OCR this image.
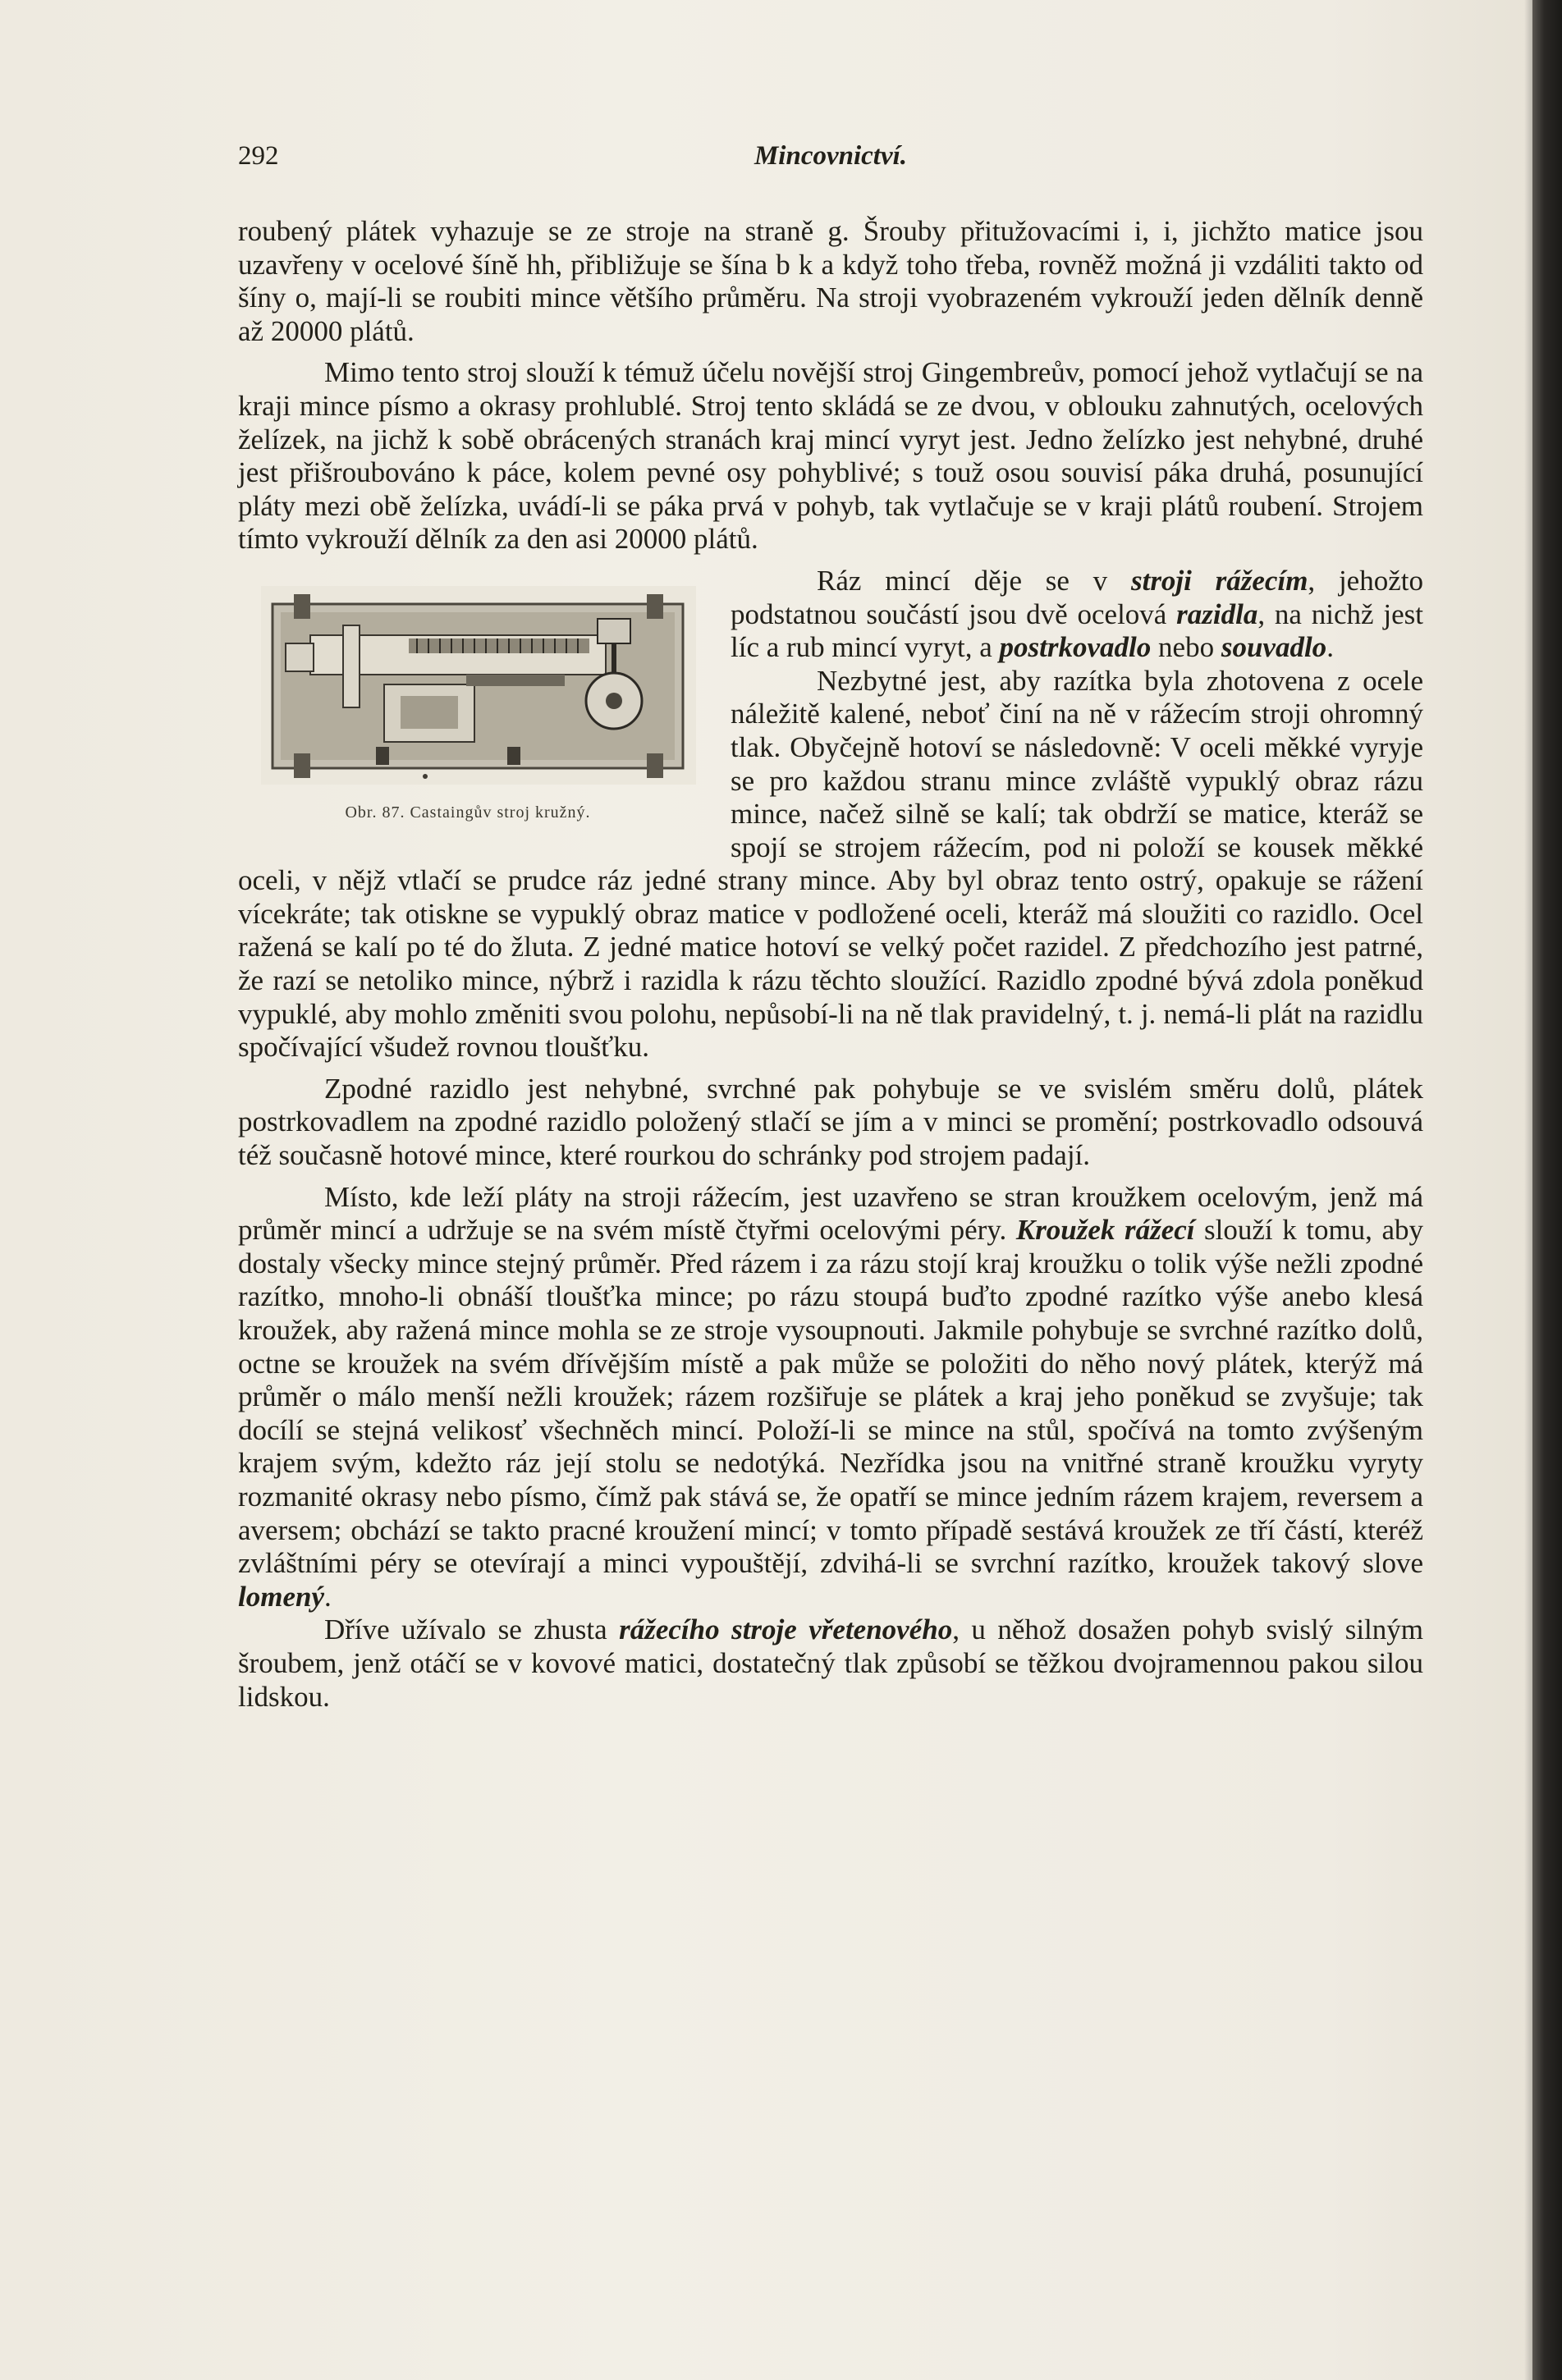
292	Mincovnictví.

roubený plátek vyhazuje se ze stroje na straně g. Šrouby přitužovacími i, i, jichžto matice jsou uzavřeny v ocelové šíně hh, přibližuje se šína b k a když toho třeba, rovněž možná ji vzdáliti takto od šíny o, mají-li se roubiti mince většího průměru. Na stroji vyobrazeném vykrouží jeden dělník denně až 20000 plátů.

Mimo tento stroj slouží k témuž účelu novější stroj Gingembreův, pomocí jehož vytlačují se na kraji mince písmo a okrasy prohlublé. Stroj tento skládá se ze dvou, v oblouku zahnutých, ocelových želízek, na jichž k sobě obrácených stranách kraj mincí vyryt jest. Jedno želízko jest nehybné, druhé jest přišroubováno k páce, kolem pevné osy pohyblivé; s touž osou souvisí páka druhá, posunující pláty mezi obě želízka, uvádí-li se páka prvá v pohyb, tak vytlačuje se v kraji plátů roubení. Strojem tímto vykrouží dělník za den asi 20000 plátů.

Obr. 87. Castaingův stroj kružný.

Ráz mincí děje se v stroji rážecím, jehožto podstatnou součástí jsou dvě ocelová razidla, na nichž jest líc a rub mincí vyryt, a postrkovadlo nebo souvadlo.

Nezbytné jest, aby razítka byla zhotovena z ocele náležitě kalené, neboť činí na ně v rážecím stroji ohromný tlak. Obyčejně hotoví se následovně: V oceli měkké vyryje se pro každou stranu mince zvláště vypuklý obraz rázu mince, načež silně se kalí; tak obdrží se matice, kteráž se spojí se strojem rážecím, pod ni položí se kousek měkké oceli, v nějž vtlačí se prudce ráz jedné strany mince. Aby byl obraz tento ostrý, opakuje se rážení vícekráte; tak otiskne se vypuklý obraz matice v podložené oceli, kteráž má sloužiti co razidlo. Ocel ražená se kalí po té do žluta. Z jedné matice hotoví se velký počet razidel. Z předchozího jest patrné, že razí se netoliko mince, nýbrž i razidla k rázu těchto sloužící. Razidlo zpodné bývá zdola poněkud vypuklé, aby mohlo změniti svou polohu, nepůsobí-li na ně tlak pravidelný, t. j. nemá-li plát na razidlu spočívající všudež rovnou tloušťku.

Zpodné razidlo jest nehybné, svrchné pak pohybuje se ve svislém směru dolů, plátek postrkovadlem na zpodné razidlo položený stlačí se jím a v minci se promění; postrkovadlo odsouvá též současně hotové mince, které rourkou do schránky pod strojem padají.

Místo, kde leží pláty na stroji rážecím, jest uzavřeno se stran kroužkem ocelovým, jenž má průměr mincí a udržuje se na svém místě čtyřmi ocelovými péry. Kroužek rážecí slouží k tomu, aby dostaly všecky mince stejný průměr. Před rázem i za rázu stojí kraj kroužku o tolik výše nežli zpodné razítko, mnoho-li obnáší tloušťka mince; po rázu stoupá buďto zpodné razítko výše anebo klesá kroužek, aby ražená mince mohla se ze stroje vysoupnouti. Jakmile pohybuje se svrchné razítko dolů, octne se kroužek na svém dřívějším místě a pak může se položiti do něho nový plátek, kterýž má průměr o málo menší nežli kroužek; rázem rozšiřuje se plátek a kraj jeho poněkud se zvyšuje; tak docílí se stejná velikosť všechněch mincí. Položí-li se mince na stůl, spočívá na tomto zvýšeným krajem svým, kdežto ráz její stolu se nedotýká. Nezřídka jsou na vnitřné straně kroužku vyryty rozmanité okrasy nebo písmo, čímž pak stává se, že opatří se mince jedním rázem krajem, reversem a aversem; obchází se takto pracné kroužení mincí; v tomto případě sestává kroužek ze tří částí, kteréž zvláštními péry se otevírají a minci vypouštějí, zdvihá-li se svrchní razítko, kroužek takový slove lomený.

Dříve užívalo se zhusta rážecího stroje vřetenového, u něhož dosažen pohyb svislý silným šroubem, jenž otáčí se v kovové matici, dostatečný tlak způsobí se těžkou dvojramennou pakou silou lidskou.
